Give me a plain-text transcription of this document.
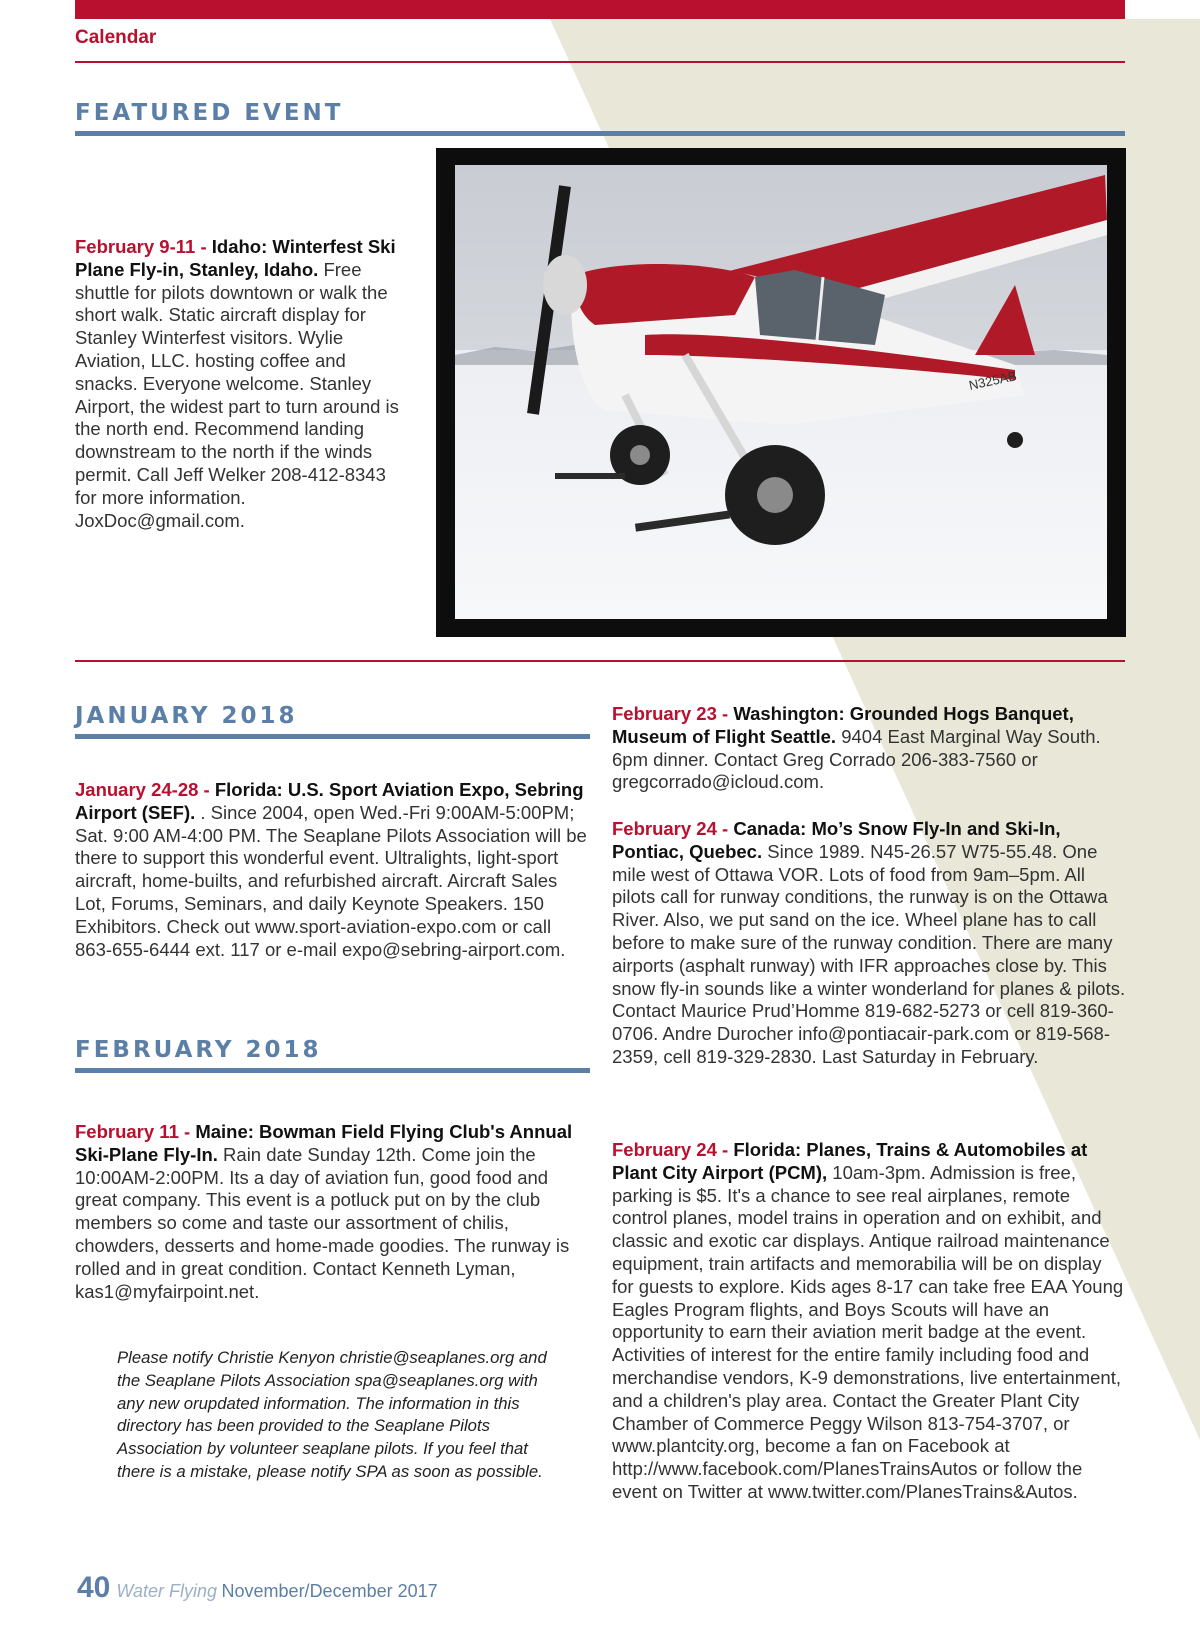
Calendar
FEATURED EVENT
February 9-11 - Idaho: Winterfest Ski Plane Fly-in, Stanley, Idaho. Free shuttle for pilots downtown or walk the short walk. Static aircraft display for Stanley Winterfest visitors. Wylie Aviation, LLC. hosting coffee and snacks. Everyone welcome. Stanley Airport, the widest part to turn around is the north end. Recommend landing downstream to the north if the winds permit. Call Jeff Welker 208-412-8343 for more information. JoxDoc@gmail.com.
N325AB
JANUARY 2018
January 24-28 - Florida: U.S. Sport Aviation Expo, Sebring Airport (SEF). . Since 2004, open Wed.-Fri 9:00AM-5:00PM; Sat. 9:00 AM-4:00 PM. The Seaplane Pilots Association will be there to support this wonderful event. Ultralights, light-sport aircraft, home-builts, and refurbished aircraft. Aircraft Sales Lot, Forums, Seminars, and daily Keynote Speakers. 150 Exhibitors. Check out www.sport-aviation-expo.com or call 863-655-6444 ext. 117 or e-mail expo@sebring-airport.com.
FEBRUARY 2018
February 11 - Maine: Bowman Field Flying Club's Annual Ski-Plane Fly-In. Rain date Sunday 12th. Come join the 10:00AM-2:00PM. Its a day of aviation fun, good food and great company. This event is a potluck put on by the club members so come and taste our assortment of chilis, chowders, desserts and home-made goodies. The runway is rolled and in great condition. Contact Kenneth Lyman, kas1@myfairpoint.net.
Please notify Christie Kenyon christie@seaplanes.org and the Seaplane Pilots Association spa@seaplanes.org with any new orupdated information. The information in this directory has been provided to the Seaplane Pilots Association by volunteer seaplane pilots. If you feel that there is a mistake, please notify SPA as soon as possible.
February 23 - Washington: Grounded Hogs Banquet, Museum of Flight Seattle. 9404 East Marginal Way South. 6pm dinner. Contact Greg Corrado 206-383-7560 or gregcorrado@icloud.com.
February 24 - Canada: Mo’s Snow Fly-In and Ski-In, Pontiac, Quebec. Since 1989. N45-26.57 W75-55.48. One mile west of Ottawa VOR. Lots of food from 9am–5pm. All pilots call for runway conditions, the runway is on the Ottawa River. Also, we put sand on the ice. Wheel plane has to call before to make sure of the runway condition. There are many airports (asphalt runway) with IFR approaches close by. This snow fly-in sounds like a winter wonderland for planes & pilots. Contact Maurice Prud’Homme 819-682-5273 or cell 819-360-0706. Andre Durocher info@pontiacair-park.com or 819-568-2359, cell 819-329-2830. Last Saturday in February.
February 24 - Florida: Planes, Trains & Automobiles at Plant City Airport (PCM), 10am-3pm. Admission is free, parking is $5. It's a chance to see real airplanes, remote control planes, model trains in operation and on exhibit, and classic and exotic car displays. Antique railroad maintenance equipment, train artifacts and memorabilia will be on display for guests to explore. Kids ages 8-17 can take free EAA Young Eagles Program flights, and Boys Scouts will have an opportunity to earn their aviation merit badge at the event. Activities of interest for the entire family including food and merchandise vendors, K-9 demonstrations, live entertainment, and a children's play area. Contact the Greater Plant City Chamber of Commerce Peggy Wilson 813-754-3707, or www.plantcity.org, become a fan on Facebook at http://www.facebook.com/PlanesTrainsAutos or follow the event on Twitter at www.twitter.com/PlanesTrains&Autos.
40 Water Flying November/December 2017
